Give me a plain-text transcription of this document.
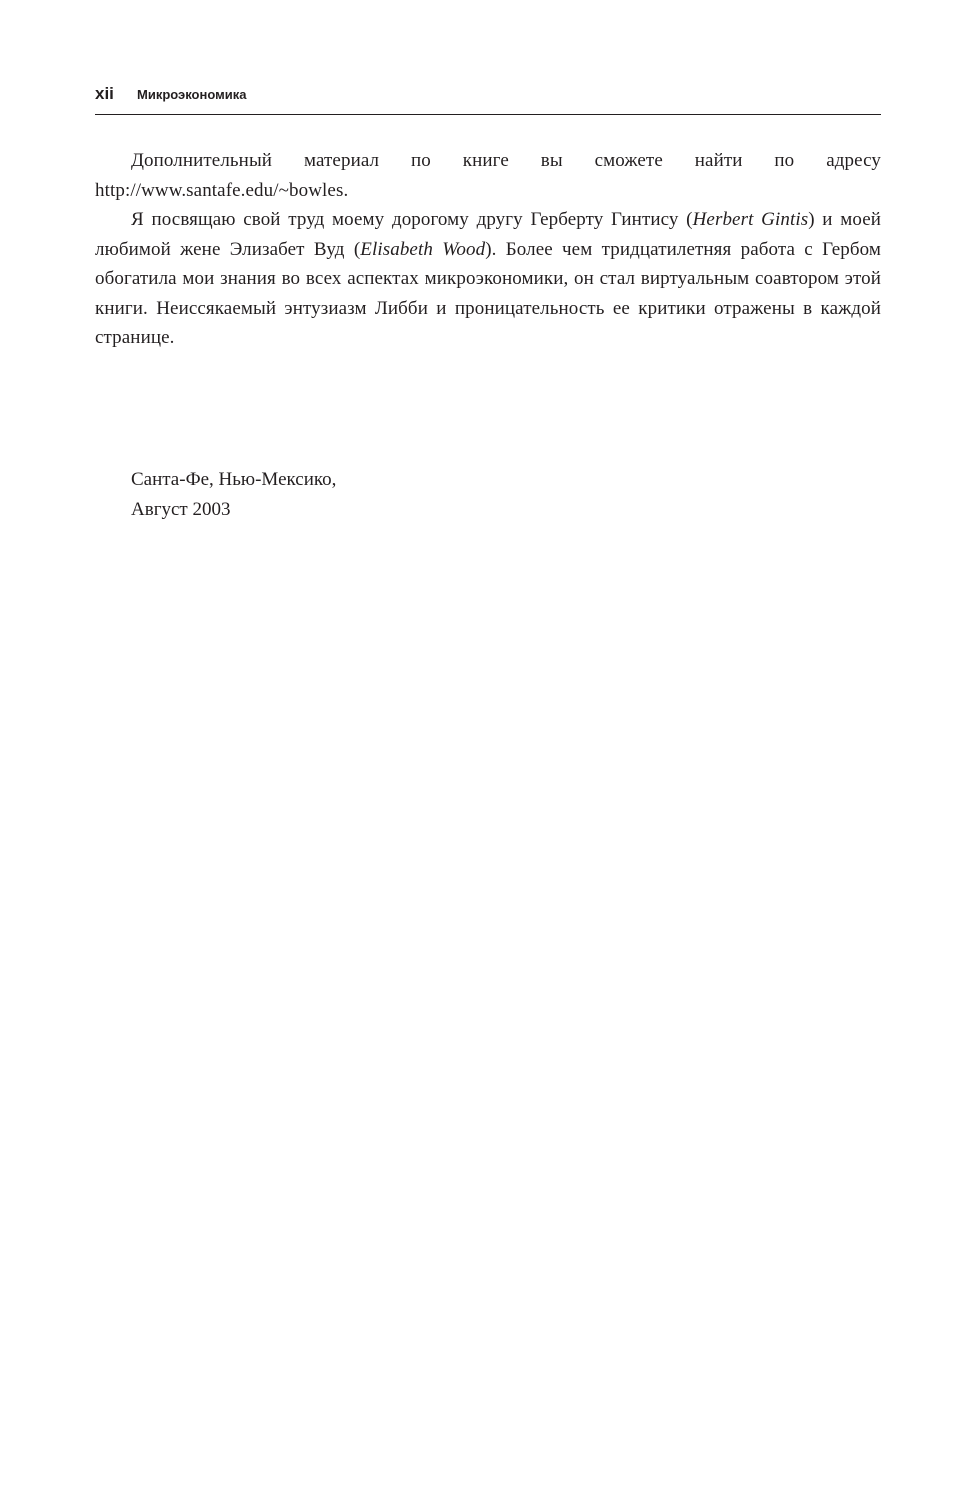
xii Микроэкономика

Дополнительный материал по книге вы сможете найти по адресу http://www.santafe.edu/~bowles.

Я посвящаю свой труд моему дорогому другу Герберту Гинтису (Herbert Gintis) и моей любимой жене Элизабет Вуд (Elisabeth Wood). Более чем тридцатилетняя работа с Гербом обогатила мои знания во всех аспектах микроэкономики, он стал виртуальным соавтором этой книги. Неиссякаемый энтузиазм Либби и проницательность ее критики отражены в каждой странице.

Санта-Фе, Нью-Мексико,
Август 2003
